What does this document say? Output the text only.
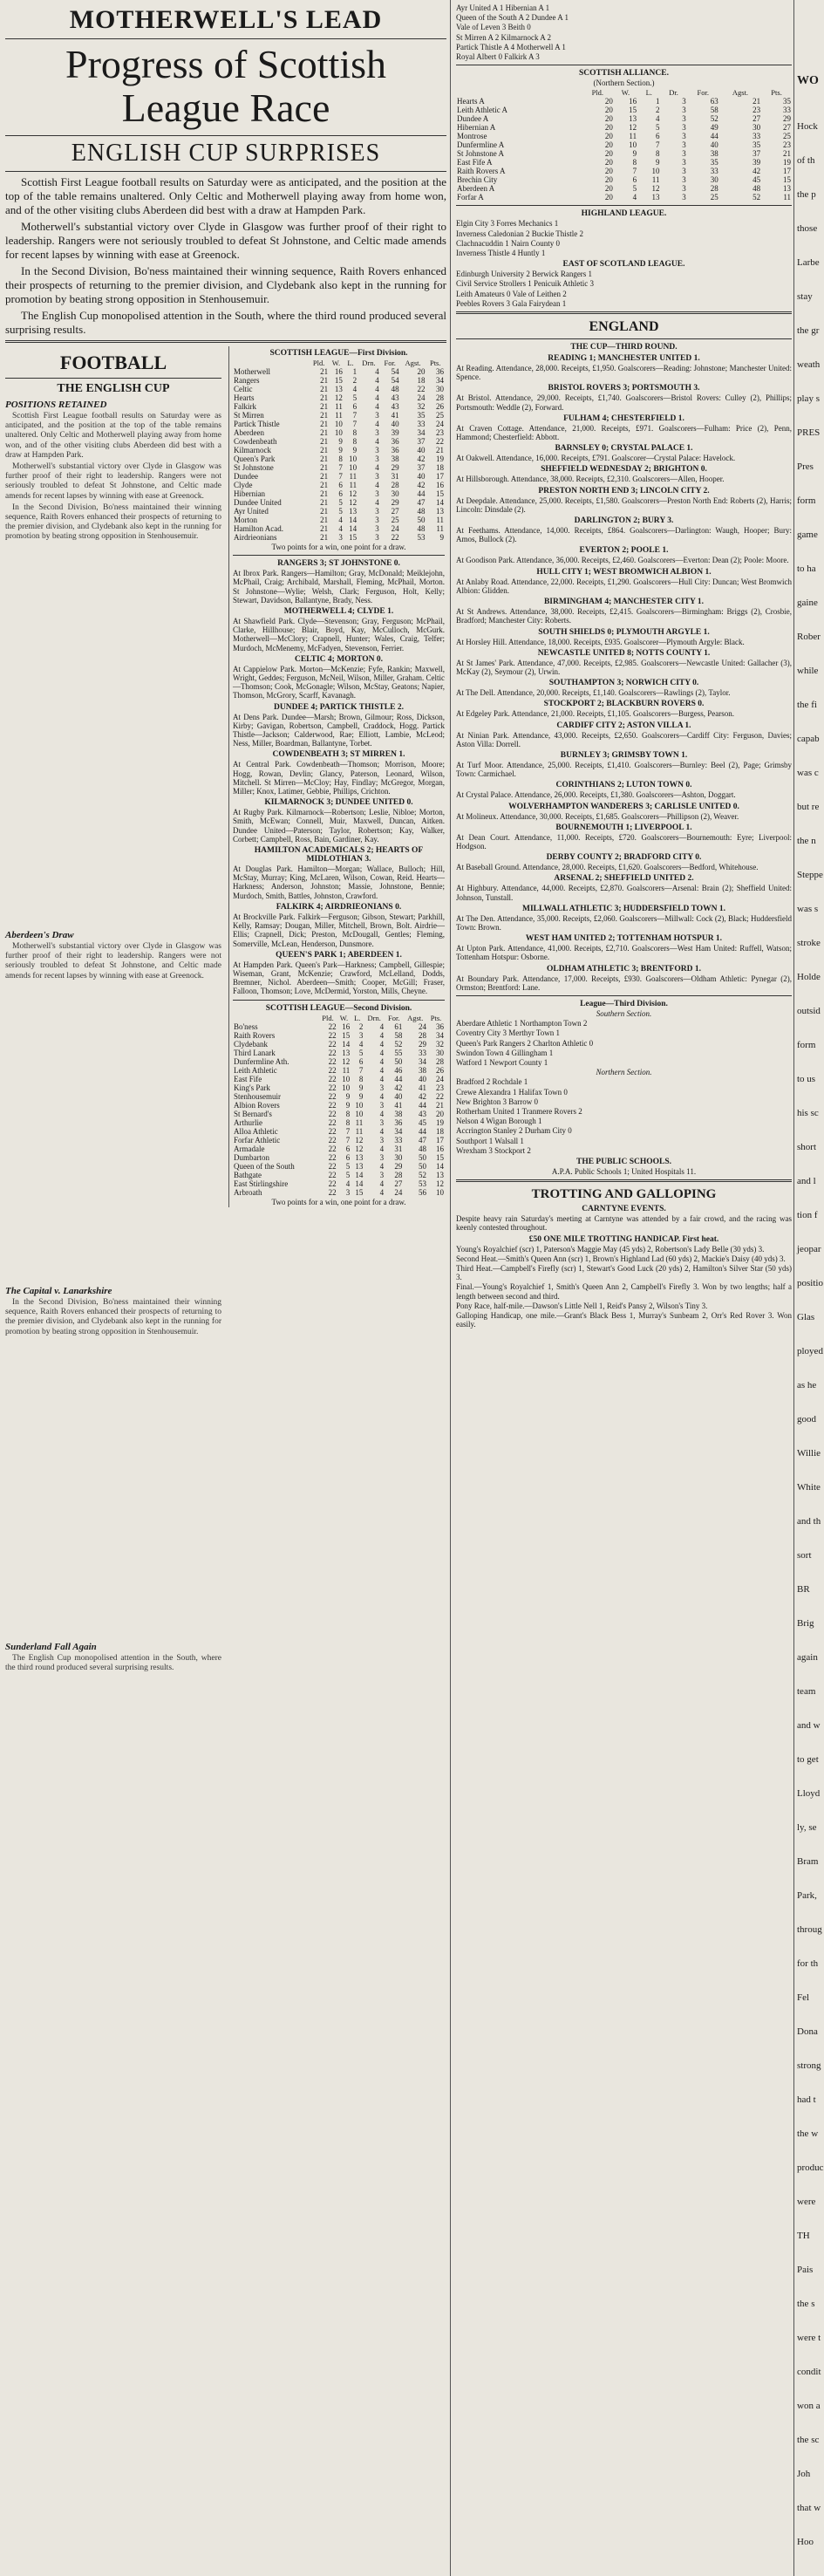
MOTHERWELL'S LEAD
Progress of Scottish League Race
ENGLISH CUP SURPRISES

Scottish First League football results on Saturday were as anticipated, and the position at the top of the table remains unaltered. Only Celtic and Motherwell playing away from home won, and of the other visiting clubs Aberdeen did best with a draw at Hampden Park.

Motherwell's substantial victory over Clyde in Glasgow was further proof of their right to leadership. Rangers were not seriously troubled to defeat St Johnstone, and Celtic made amends for recent lapses by winning with ease at Greenock.

In the Second Division, Bo'ness maintained their winning sequence, Raith Rovers enhanced their prospects of returning to the premier division, and Clydebank also kept in the running for promotion by beating strong opposition in Stenhousemuir.

The English Cup monopolised attention in the South, where the third round produced several surprising results.

FOOTBALL
THE ENGLISH CUP
POSITIONS RETAINED

Scottish First League football results on Saturday were as anticipated, and the position at the top of the table remains unaltered. Only Celtic and Motherwell playing away from home won, and of the other visiting clubs Aberdeen did best with a draw at Hampden Park.

Motherwell's substantial victory over Clyde in Glasgow was further proof of their right to leadership. Rangers were not seriously troubled to defeat St Johnstone, and Celtic made amends for recent lapses by winning with ease at Greenock.

In the Second Division, Bo'ness maintained their winning sequence, Raith Rovers enhanced their prospects of returning to the premier division, and Clydebank also kept in the running for promotion by beating strong opposition in Stenhousemuir.

Aberdeen's Draw

Motherwell's substantial victory over Clyde in Glasgow was further proof of their right to leadership. Rangers were not seriously troubled to defeat St Johnstone, and Celtic made amends for recent lapses by winning with ease at Greenock.

The Capital v. Lanarkshire

In the Second Division, Bo'ness maintained their winning sequence, Raith Rovers enhanced their prospects of returning to the premier division, and Clydebank also kept in the running for promotion by beating strong opposition in Stenhousemuir.

Sunderland Fall Again

The English Cup monopolised attention in the South, where the third round produced several surprising results.

SCOTTISH LEAGUE—First Division.
	Pld.	W.	L.	Drn.	For.	Agst.	Pts.
Motherwell	21	16	1	4	54	20	36
Rangers	21	15	2	4	54	18	34
Celtic	21	13	4	4	48	22	30
Hearts	21	12	5	4	43	24	28
Falkirk	21	11	6	4	43	32	26
St Mirren	21	11	7	3	41	35	25
Partick Thistle	21	10	7	4	40	33	24
Aberdeen	21	10	8	3	39	34	23
Cowdenbeath	21	9	8	4	36	37	22
Kilmarnock	21	9	9	3	36	40	21
Queen's Park	21	8	10	3	38	42	19
St Johnstone	21	7	10	4	29	37	18
Dundee	21	7	11	3	31	40	17
Clyde	21	6	11	4	28	42	16
Hibernian	21	6	12	3	30	44	15
Dundee United	21	5	12	4	29	47	14
Ayr United	21	5	13	3	27	48	13
Morton	21	4	14	3	25	50	11
Hamilton Acad.	21	4	14	3	24	48	11
Airdrieonians	21	3	15	3	22	53	9
Two points for a win, one point for a draw.
RANGERS 3; ST JOHNSTONE 0.
At Ibrox Park. Rangers—Hamilton; Gray, McDonald; Meiklejohn, McPhail, Craig; Archibald, Marshall, Fleming, McPhail, Morton. St Johnstone—Wylie; Welsh, Clark; Ferguson, Holt, Kelly; Stewart, Davidson, Ballantyne, Brady, Ness.
MOTHERWELL 4; CLYDE 1.
At Shawfield Park. Clyde—Stevenson; Gray, Ferguson; McPhail, Clarke, Hillhouse; Blair, Boyd, Kay, McCulloch, McGurk. Motherwell—McClory; Crapnell, Hunter; Wales, Craig, Telfer; Murdoch, McMenemy, McFadyen, Stevenson, Ferrier.
CELTIC 4; MORTON 0.
At Cappielow Park. Morton—McKenzie; Fyfe, Rankin; Maxwell, Wright, Geddes; Ferguson, McNeil, Wilson, Miller, Graham. Celtic—Thomson; Cook, McGonagle; Wilson, McStay, Geatons; Napier, Thomson, McGrory, Scarff, Kavanagh.
DUNDEE 4; PARTICK THISTLE 2.
At Dens Park. Dundee—Marsh; Brown, Gilmour; Ross, Dickson, Kirby; Gavigan, Robertson, Campbell, Craddock, Hogg. Partick Thistle—Jackson; Calderwood, Rae; Elliott, Lambie, McLeod; Ness, Miller, Boardman, Ballantyne, Torbet.
COWDENBEATH 3; ST MIRREN 1.
At Central Park. Cowdenbeath—Thomson; Morrison, Moore; Hogg, Rowan, Devlin; Glancy, Paterson, Leonard, Wilson, Mitchell. St Mirren—McCloy; Hay, Findlay; McGregor, Morgan, Miller; Knox, Latimer, Gebbie, Phillips, Crichton.
KILMARNOCK 3; DUNDEE UNITED 0.
At Rugby Park. Kilmarnock—Robertson; Leslie, Nibloe; Morton, Smith, McEwan; Connell, Muir, Maxwell, Duncan, Aitken. Dundee United—Paterson; Taylor, Robertson; Kay, Walker, Corbett; Campbell, Ross, Bain, Gardiner, Kay.
HAMILTON ACADEMICALS 2; HEARTS OF MIDLOTHIAN 3.
At Douglas Park. Hamilton—Morgan; Wallace, Bulloch; Hill, McStay, Murray; King, McLaren, Wilson, Cowan, Reid. Hearts—Harkness; Anderson, Johnston; Massie, Johnstone, Bennie; Murdoch, Smith, Battles, Johnston, Crawford.
FALKIRK 4; AIRDRIEONIANS 0.
At Brockville Park. Falkirk—Ferguson; Gibson, Stewart; Parkhill, Kelly, Ramsay; Dougan, Miller, Mitchell, Brown, Bolt. Airdrie—Ellis; Crapnell, Dick; Preston, McDougall, Gentles; Fleming, Somerville, McLean, Henderson, Dunsmore.
QUEEN'S PARK 1; ABERDEEN 1.
At Hampden Park. Queen's Park—Harkness; Campbell, Gillespie; Wiseman, Grant, McKenzie; Crawford, McLelland, Dodds, Bremner, Nichol. Aberdeen—Smith; Cooper, McGill; Fraser, Falloon, Thomson; Love, McDermid, Yorston, Mills, Cheyne.
SCOTTISH LEAGUE—Second Division.
	Pld.	W.	L.	Drn.	For.	Agst.	Pts.
Bo'ness	22	16	2	4	61	24	36
Raith Rovers	22	15	3	4	58	28	34
Clydebank	22	14	4	4	52	29	32
Third Lanark	22	13	5	4	55	33	30
Dunfermline Ath.	22	12	6	4	50	34	28
Leith Athletic	22	11	7	4	46	38	26
East Fife	22	10	8	4	44	40	24
King's Park	22	10	9	3	42	41	23
Stenhousemuir	22	9	9	4	40	42	22
Albion Rovers	22	9	10	3	41	44	21
St Bernard's	22	8	10	4	38	43	20
Arthurlie	22	8	11	3	36	45	19
Alloa Athletic	22	7	11	4	34	44	18
Forfar Athletic	22	7	12	3	33	47	17
Armadale	22	6	12	4	31	48	16
Dumbarton	22	6	13	3	30	50	15
Queen of the South	22	5	13	4	29	50	14
Bathgate	22	5	14	3	28	52	13
East Stirlingshire	22	4	14	4	27	53	12
Arbroath	22	3	15	4	24	56	10
Two points for a win, one point for a draw.
Ayr United A 1 Hibernian A 1
Queen of the South A 2 Dundee A 1
Vale of Leven 3 Beith 0
St Mirren A 2 Kilmarnock A 2
Partick Thistle A 4 Motherwell A 1
Royal Albert 0 Falkirk A 3
SCOTTISH ALLIANCE.
(Northern Section.)
	Pld.	W.	L.	Dr.	For.	Agst.	Pts.
Hearts A	20	16	1	3	63	21	35
Leith Athletic A	20	15	2	3	58	23	33
Dundee A	20	13	4	3	52	27	29
Hibernian A	20	12	5	3	49	30	27
Montrose	20	11	6	3	44	33	25
Dunfermline A	20	10	7	3	40	35	23
St Johnstone A	20	9	8	3	38	37	21
East Fife A	20	8	9	3	35	39	19
Raith Rovers A	20	7	10	3	33	42	17
Brechin City	20	6	11	3	30	45	15
Aberdeen A	20	5	12	3	28	48	13
Forfar A	20	4	13	3	25	52	11
HIGHLAND LEAGUE.
Elgin City 3 Forres Mechanics 1
Inverness Caledonian 2 Buckie Thistle 2
Clachnacuddin 1 Nairn County 0
Inverness Thistle 4 Huntly 1
EAST OF SCOTLAND LEAGUE.
Edinburgh University 2 Berwick Rangers 1
Civil Service Strollers 1 Penicuik Athletic 3
Leith Amateurs 0 Vale of Leithen 2
Peebles Rovers 3 Gala Fairydean 1
ENGLAND
THE CUP—THIRD ROUND.
READING 1; MANCHESTER UNITED 1.
At Reading. Attendance, 28,000. Receipts, £1,950. Goalscorers—Reading: Johnstone; Manchester United: Spence.
BRISTOL ROVERS 3; PORTSMOUTH 3.
At Bristol. Attendance, 29,000. Receipts, £1,740. Goalscorers—Bristol Rovers: Culley (2), Phillips; Portsmouth: Weddle (2), Forward.
FULHAM 4; CHESTERFIELD 1.
At Craven Cottage. Attendance, 21,000. Receipts, £971. Goalscorers—Fulham: Price (2), Penn, Hammond; Chesterfield: Abbott.
BARNSLEY 0; CRYSTAL PALACE 1.
At Oakwell. Attendance, 16,000. Receipts, £791. Goalscorer—Crystal Palace: Havelock.
SHEFFIELD WEDNESDAY 2; BRIGHTON 0.
At Hillsborough. Attendance, 38,000. Receipts, £2,310. Goalscorers—Allen, Hooper.
PRESTON NORTH END 3; LINCOLN CITY 2.
At Deepdale. Attendance, 25,000. Receipts, £1,580. Goalscorers—Preston North End: Roberts (2), Harris; Lincoln: Dinsdale (2).
DARLINGTON 2; BURY 3.
At Feethams. Attendance, 14,000. Receipts, £864. Goalscorers—Darlington: Waugh, Hooper; Bury: Amos, Bullock (2).
EVERTON 2; POOLE 1.
At Goodison Park. Attendance, 36,000. Receipts, £2,460. Goalscorers—Everton: Dean (2); Poole: Moore.
HULL CITY 1; WEST BROMWICH ALBION 1.
At Anlaby Road. Attendance, 22,000. Receipts, £1,290. Goalscorers—Hull City: Duncan; West Bromwich Albion: Glidden.
BIRMINGHAM 4; MANCHESTER CITY 1.
At St Andrews. Attendance, 38,000. Receipts, £2,415. Goalscorers—Birmingham: Briggs (2), Crosbie, Bradford; Manchester City: Roberts.
SOUTH SHIELDS 0; PLYMOUTH ARGYLE 1.
At Horsley Hill. Attendance, 18,000. Receipts, £935. Goalscorer—Plymouth Argyle: Black.
NEWCASTLE UNITED 8; NOTTS COUNTY 1.
At St James' Park. Attendance, 47,000. Receipts, £2,985. Goalscorers—Newcastle United: Gallacher (3), McKay (2), Seymour (2), Urwin.
SOUTHAMPTON 3; NORWICH CITY 0.
At The Dell. Attendance, 20,000. Receipts, £1,140. Goalscorers—Rawlings (2), Taylor.
STOCKPORT 2; BLACKBURN ROVERS 0.
At Edgeley Park. Attendance, 21,000. Receipts, £1,105. Goalscorers—Burgess, Pearson.
CARDIFF CITY 2; ASTON VILLA 1.
At Ninian Park. Attendance, 43,000. Receipts, £2,650. Goalscorers—Cardiff City: Ferguson, Davies; Aston Villa: Dorrell.
BURNLEY 3; GRIMSBY TOWN 1.
At Turf Moor. Attendance, 25,000. Receipts, £1,410. Goalscorers—Burnley: Beel (2), Page; Grimsby Town: Carmichael.
CORINTHIANS 2; LUTON TOWN 0.
At Crystal Palace. Attendance, 26,000. Receipts, £1,380. Goalscorers—Ashton, Doggart.
WOLVERHAMPTON WANDERERS 3; CARLISLE UNITED 0.
At Molineux. Attendance, 30,000. Receipts, £1,685. Goalscorers—Phillipson (2), Weaver.
BOURNEMOUTH 1; LIVERPOOL 1.
At Dean Court. Attendance, 11,000. Receipts, £720. Goalscorers—Bournemouth: Eyre; Liverpool: Hodgson.
DERBY COUNTY 2; BRADFORD CITY 0.
At Baseball Ground. Attendance, 28,000. Receipts, £1,620. Goalscorers—Bedford, Whitehouse.
ARSENAL 2; SHEFFIELD UNITED 2.
At Highbury. Attendance, 44,000. Receipts, £2,870. Goalscorers—Arsenal: Brain (2); Sheffield United: Johnson, Tunstall.
MILLWALL ATHLETIC 3; HUDDERSFIELD TOWN 1.
At The Den. Attendance, 35,000. Receipts, £2,060. Goalscorers—Millwall: Cock (2), Black; Huddersfield Town: Brown.
WEST HAM UNITED 2; TOTTENHAM HOTSPUR 1.
At Upton Park. Attendance, 41,000. Receipts, £2,710. Goalscorers—West Ham United: Ruffell, Watson; Tottenham Hotspur: Osborne.
OLDHAM ATHLETIC 3; BRENTFORD 1.
At Boundary Park. Attendance, 17,000. Receipts, £930. Goalscorers—Oldham Athletic: Pynegar (2), Ormston; Brentford: Lane.
League—Third Division.
Southern Section.
Aberdare Athletic 1 Northampton Town 2
Coventry City 3 Merthyr Town 1
Queen's Park Rangers 2 Charlton Athletic 0
Swindon Town 4 Gillingham 1
Watford 1 Newport County 1
Northern Section.
Bradford 2 Rochdale 1
Crewe Alexandra 1 Halifax Town 0
New Brighton 3 Barrow 0
Rotherham United 1 Tranmere Rovers 2
Nelson 4 Wigan Borough 1
Accrington Stanley 2 Durham City 0
Southport 1 Walsall 1
Wrexham 3 Stockport 2
THE PUBLIC SCHOOLS.
A.P.A. Public Schools 1; United Hospitals 11.
TROTTING AND GALLOPING
CARNTYNE EVENTS.
Despite heavy rain Saturday's meeting at Carntyne was attended by a fair crowd, and the racing was keenly contested throughout.
£50 ONE MILE TROTTING HANDICAP. First heat.
Young's Royalchief (scr) 1, Paterson's Maggie May (45 yds) 2, Robertson's Lady Belle (30 yds) 3.
Second Heat.—Smith's Queen Ann (scr) 1, Brown's Highland Lad (60 yds) 2, Mackie's Daisy (40 yds) 3.
Third Heat.—Campbell's Firefly (scr) 1, Stewart's Good Luck (20 yds) 2, Hamilton's Silver Star (50 yds) 3.
Final.—Young's Royalchief 1, Smith's Queen Ann 2, Campbell's Firefly 3. Won by two lengths; half a length between second and third.
Pony Race, half-mile.—Dawson's Little Nell 1, Reid's Pansy 2, Wilson's Tiny 3.
Galloping Handicap, one mile.—Grant's Black Bess 1, Murray's Sunbeam 2, Orr's Red Rover 3. Won easily.
WO
Hock
of th
the p
those
Larbe
stay
the gr
weath
play s
PRES
Pres
form
game
to ha
gaine
Rober
while
the fi
capab
was c
but re
the n
Steppe
was s
stroke
Holde
outsid
form
to us
his sc
short
and l
tion f
jeopar
positio
Glas
ployed
as he
good
Willie
White
and th
sort
BR
Brig
again
team
and w
to get
Lloyd
ly, se
Bram
Park,
throug
for th
Fel
Dona
strong
had t
the w
produc
were
TH
Pais
the s
were t
condit
won a
the sc
Joh
that w
Hoo
